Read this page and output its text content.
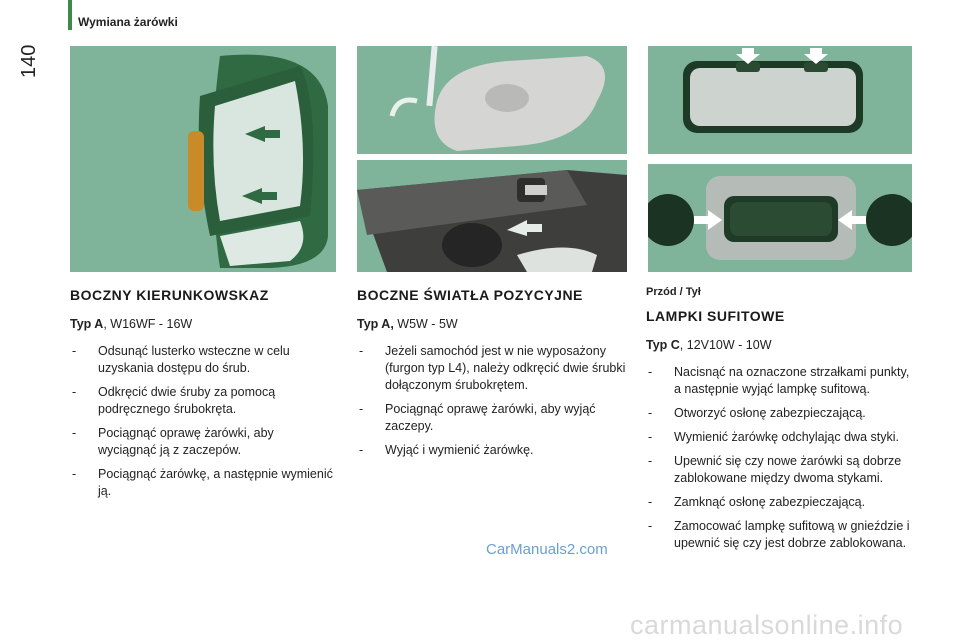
Wymiana żarówki
140
BOCZNY KIERUNKOWSKAZ
Typ A, W16WF - 16W
- Odsunąć lusterko wsteczne w celu uzyskania dostępu do śrub.
- Odkręcić dwie śruby za pomocą podręcznego śrubokręta.
- Pociągnąć oprawę żarówki, aby wyciągnąć ją z zaczepów.
- Pociągnąć żarówkę, a następnie wymienić ją.
BOCZNE ŚWIATŁA POZYCYJNE
Typ A, W5W - 5W
- Jeżeli samochód jest w nie wyposażony (furgon typ L4), należy odkręcić dwie śrubki dołączonym śrubokrętem.
- Pociągnąć oprawę żarówki, aby wyjąć zaczepy.
- Wyjąć i wymienić żarówkę.
Przód / Tył
LAMPKI SUFITOWE
Typ C, 12V10W - 10W
- Nacisnąć na oznaczone strzałkami punkty, a następnie wyjąć lampkę sufitową.
- Otworzyć osłonę zabezpieczającą.
- Wymienić żarówkę odchylając dwa styki.
- Upewnić się czy nowe żarówki są dobrze zablokowane między dwoma stykami.
- Zamknąć osłonę zabezpieczającą.
- Zamocować lampkę sufitową w gnieździe i upewnić się czy jest dobrze zablokowana.
CarManuals2.com
carmanualsonline.info
